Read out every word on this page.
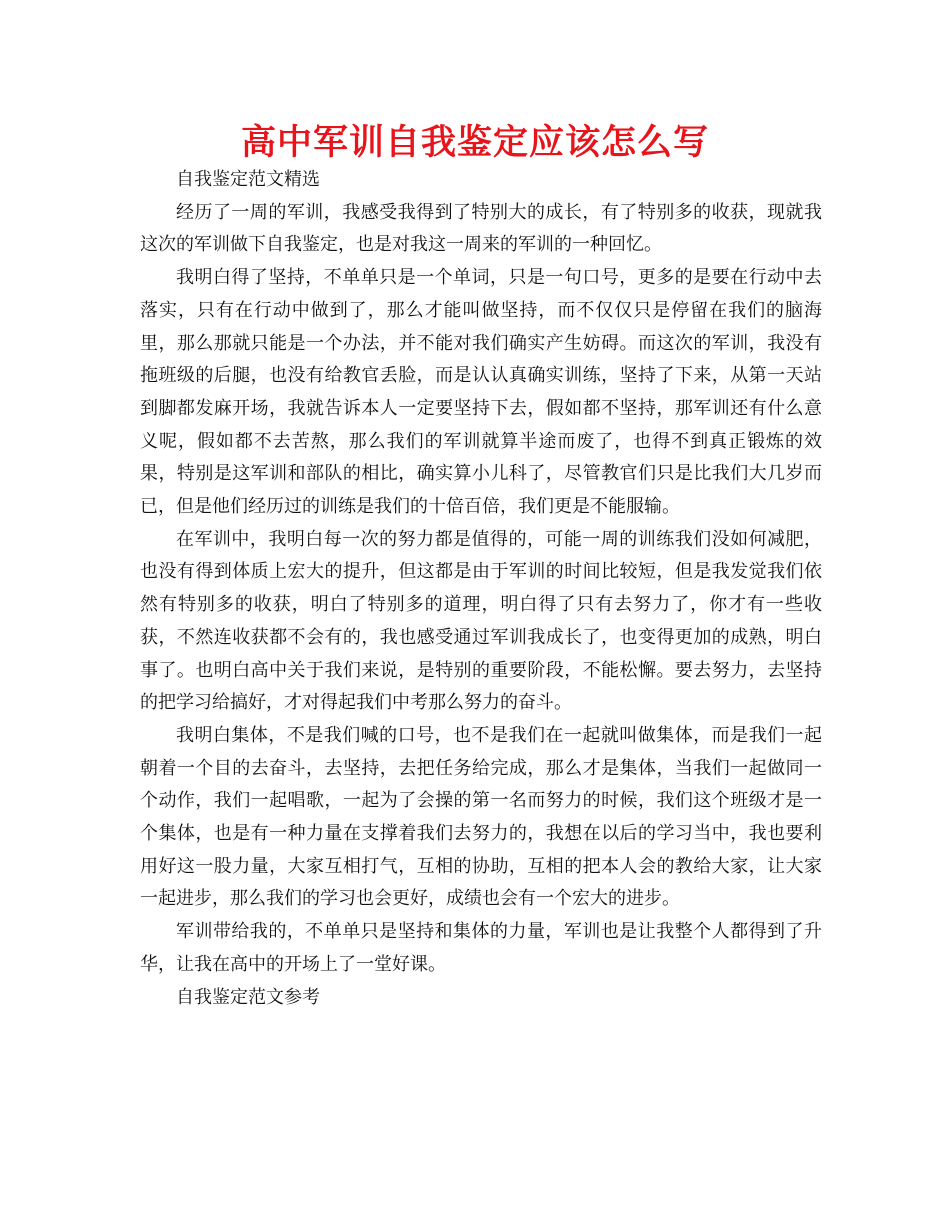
高中军训自我鉴定应该怎么写

自我鉴定范文精选

经历了一周的军训，我感受我得到了特别大的成长，有了特别多的收获，现就我这次的军训做下自我鉴定，也是对我这一周来的军训的一种回忆。

我明白得了坚持，不单单只是一个单词，只是一句口号，更多的是要在行动中去落实，只有在行动中做到了，那么才能叫做坚持，而不仅仅只是停留在我们的脑海里，那么那就只能是一个办法，并不能对我们确实产生妨碍。而这次的军训，我没有拖班级的后腿，也没有给教官丢脸，而是认认真确实训练，坚持了下来，从第一天站到脚都发麻开场，我就告诉本人一定要坚持下去，假如都不坚持，那军训还有什么意义呢，假如都不去苦熬，那么我们的军训就算半途而废了，也得不到真正锻炼的效果，特别是这军训和部队的相比，确实算小儿科了，尽管教官们只是比我们大几岁而已，但是他们经历过的训练是我们的十倍百倍，我们更是不能服输。

在军训中，我明白每一次的努力都是值得的，可能一周的训练我们没如何减肥，也没有得到体质上宏大的提升，但这都是由于军训的时间比较短，但是我发觉我们依然有特别多的收获，明白了特别多的道理，明白得了只有去努力了，你才有一些收获，不然连收获都不会有的，我也感受通过军训我成长了，也变得更加的成熟，明白事了。也明白高中关于我们来说，是特别的重要阶段，不能松懈。要去努力，去坚持的把学习给搞好，才对得起我们中考那么努力的奋斗。

我明白集体，不是我们喊的口号，也不是我们在一起就叫做集体，而是我们一起朝着一个目的去奋斗，去坚持，去把任务给完成，那么才是集体，当我们一起做同一个动作，我们一起唱歌，一起为了会操的第一名而努力的时候，我们这个班级才是一个集体，也是有一种力量在支撑着我们去努力的，我想在以后的学习当中，我也要利用好这一股力量，大家互相打气，互相的协助，互相的把本人会的教给大家，让大家一起进步，那么我们的学习也会更好，成绩也会有一个宏大的进步。

军训带给我的，不单单只是坚持和集体的力量，军训也是让我整个人都得到了升华，让我在高中的开场上了一堂好课。

自我鉴定范文参考
